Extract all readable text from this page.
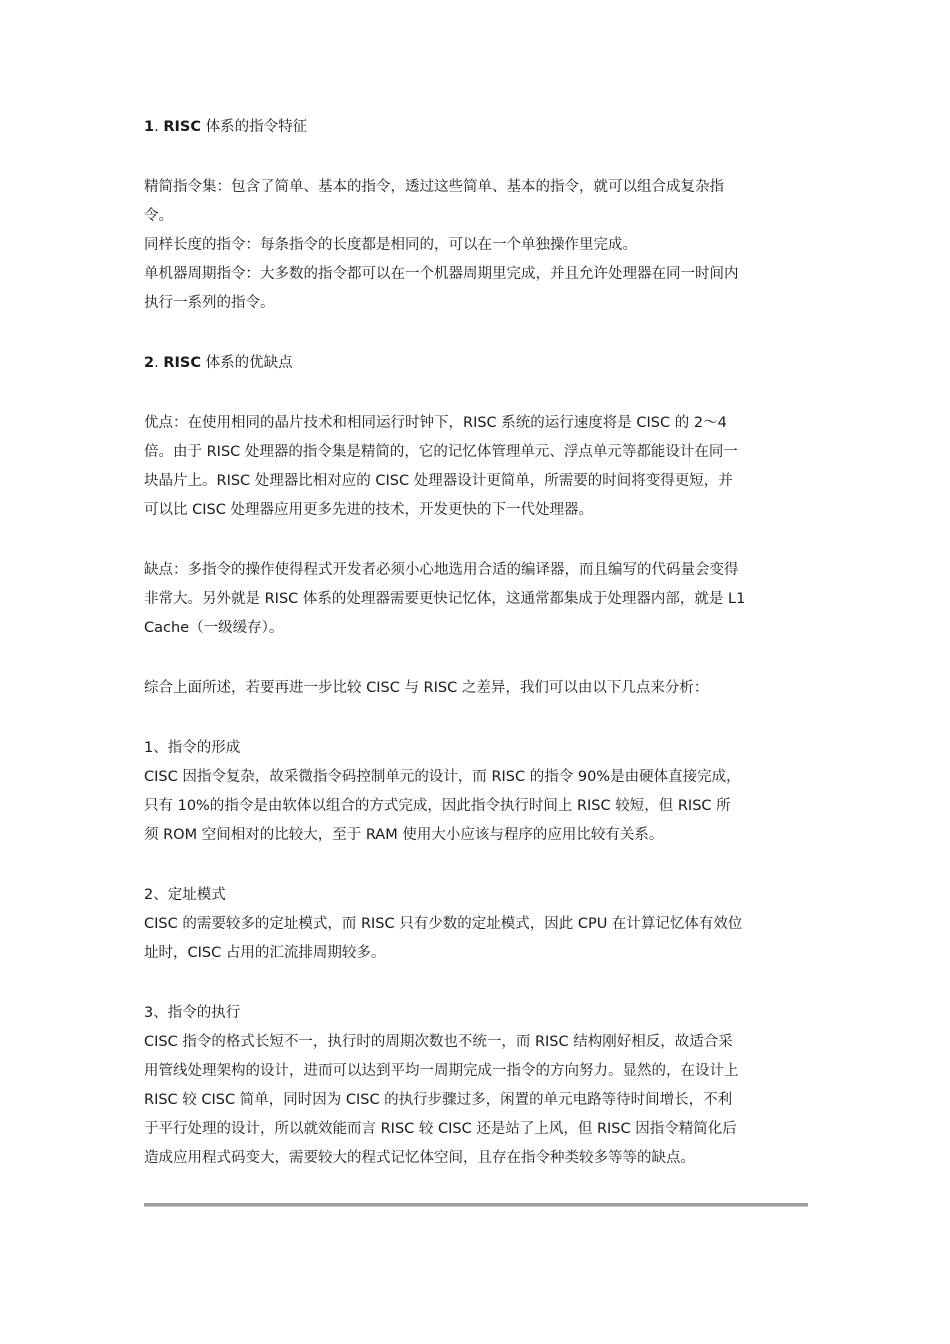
1. RISC 体系的指令特征
精简指令集：包含了简单、基本的指令，透过这些简单、基本的指令，就可以组合成复杂指
令。
同样长度的指令：每条指令的长度都是相同的，可以在一个单独操作里完成。
单机器周期指令：大多数的指令都可以在一个机器周期里完成，并且允许处理器在同一时间内
执行一系列的指令。
2. RISC 体系的优缺点
优点：在使用相同的晶片技术和相同运行时钟下，RISC 系统的运行速度将是 CISC 的 2～4
倍。由于 RISC 处理器的指令集是精简的，它的记忆体管理单元、浮点单元等都能设计在同一
块晶片上。RISC 处理器比相对应的 CISC 处理器设计更简单，所需要的时间将变得更短，并
可以比 CISC 处理器应用更多先进的技术，开发更快的下一代处理器。
缺点：多指令的操作使得程式开发者必须小心地选用合适的编译器，而且编写的代码量会变得
非常大。另外就是 RISC 体系的处理器需要更快记忆体，这通常都集成于处理器内部，就是 L1
Cache（一级缓存）。
综合上面所述，若要再进一步比较 CISC 与 RISC 之差异，我们可以由以下几点来分析：
1、指令的形成
CISC 因指令复杂，故采微指令码控制单元的设计，而 RISC 的指令 90%是由硬体直接完成，
只有 10%的指令是由软体以组合的方式完成，因此指令执行时间上 RISC 较短，但 RISC 所
须 ROM 空间相对的比较大，至于 RAM 使用大小应该与程序的应用比较有关系。
2、定址模式
CISC 的需要较多的定址模式，而 RISC 只有少数的定址模式，因此 CPU 在计算记忆体有效位
址时，CISC 占用的汇流排周期较多。
3、指令的执行
CISC 指令的格式长短不一，执行时的周期次数也不统一，而 RISC 结构刚好相反，故适合采
用管线处理架构的设计，进而可以达到平均一周期完成一指令的方向努力。显然的，在设计上
RISC 较 CISC 简单，同时因为 CISC 的执行步骤过多，闲置的单元电路等待时间增长，不利
于平行处理的设计，所以就效能而言 RISC 较 CISC 还是站了上风，但 RISC 因指令精简化后
造成应用程式码变大，需要较大的程式记忆体空间，且存在指令种类较多等等的缺点。
